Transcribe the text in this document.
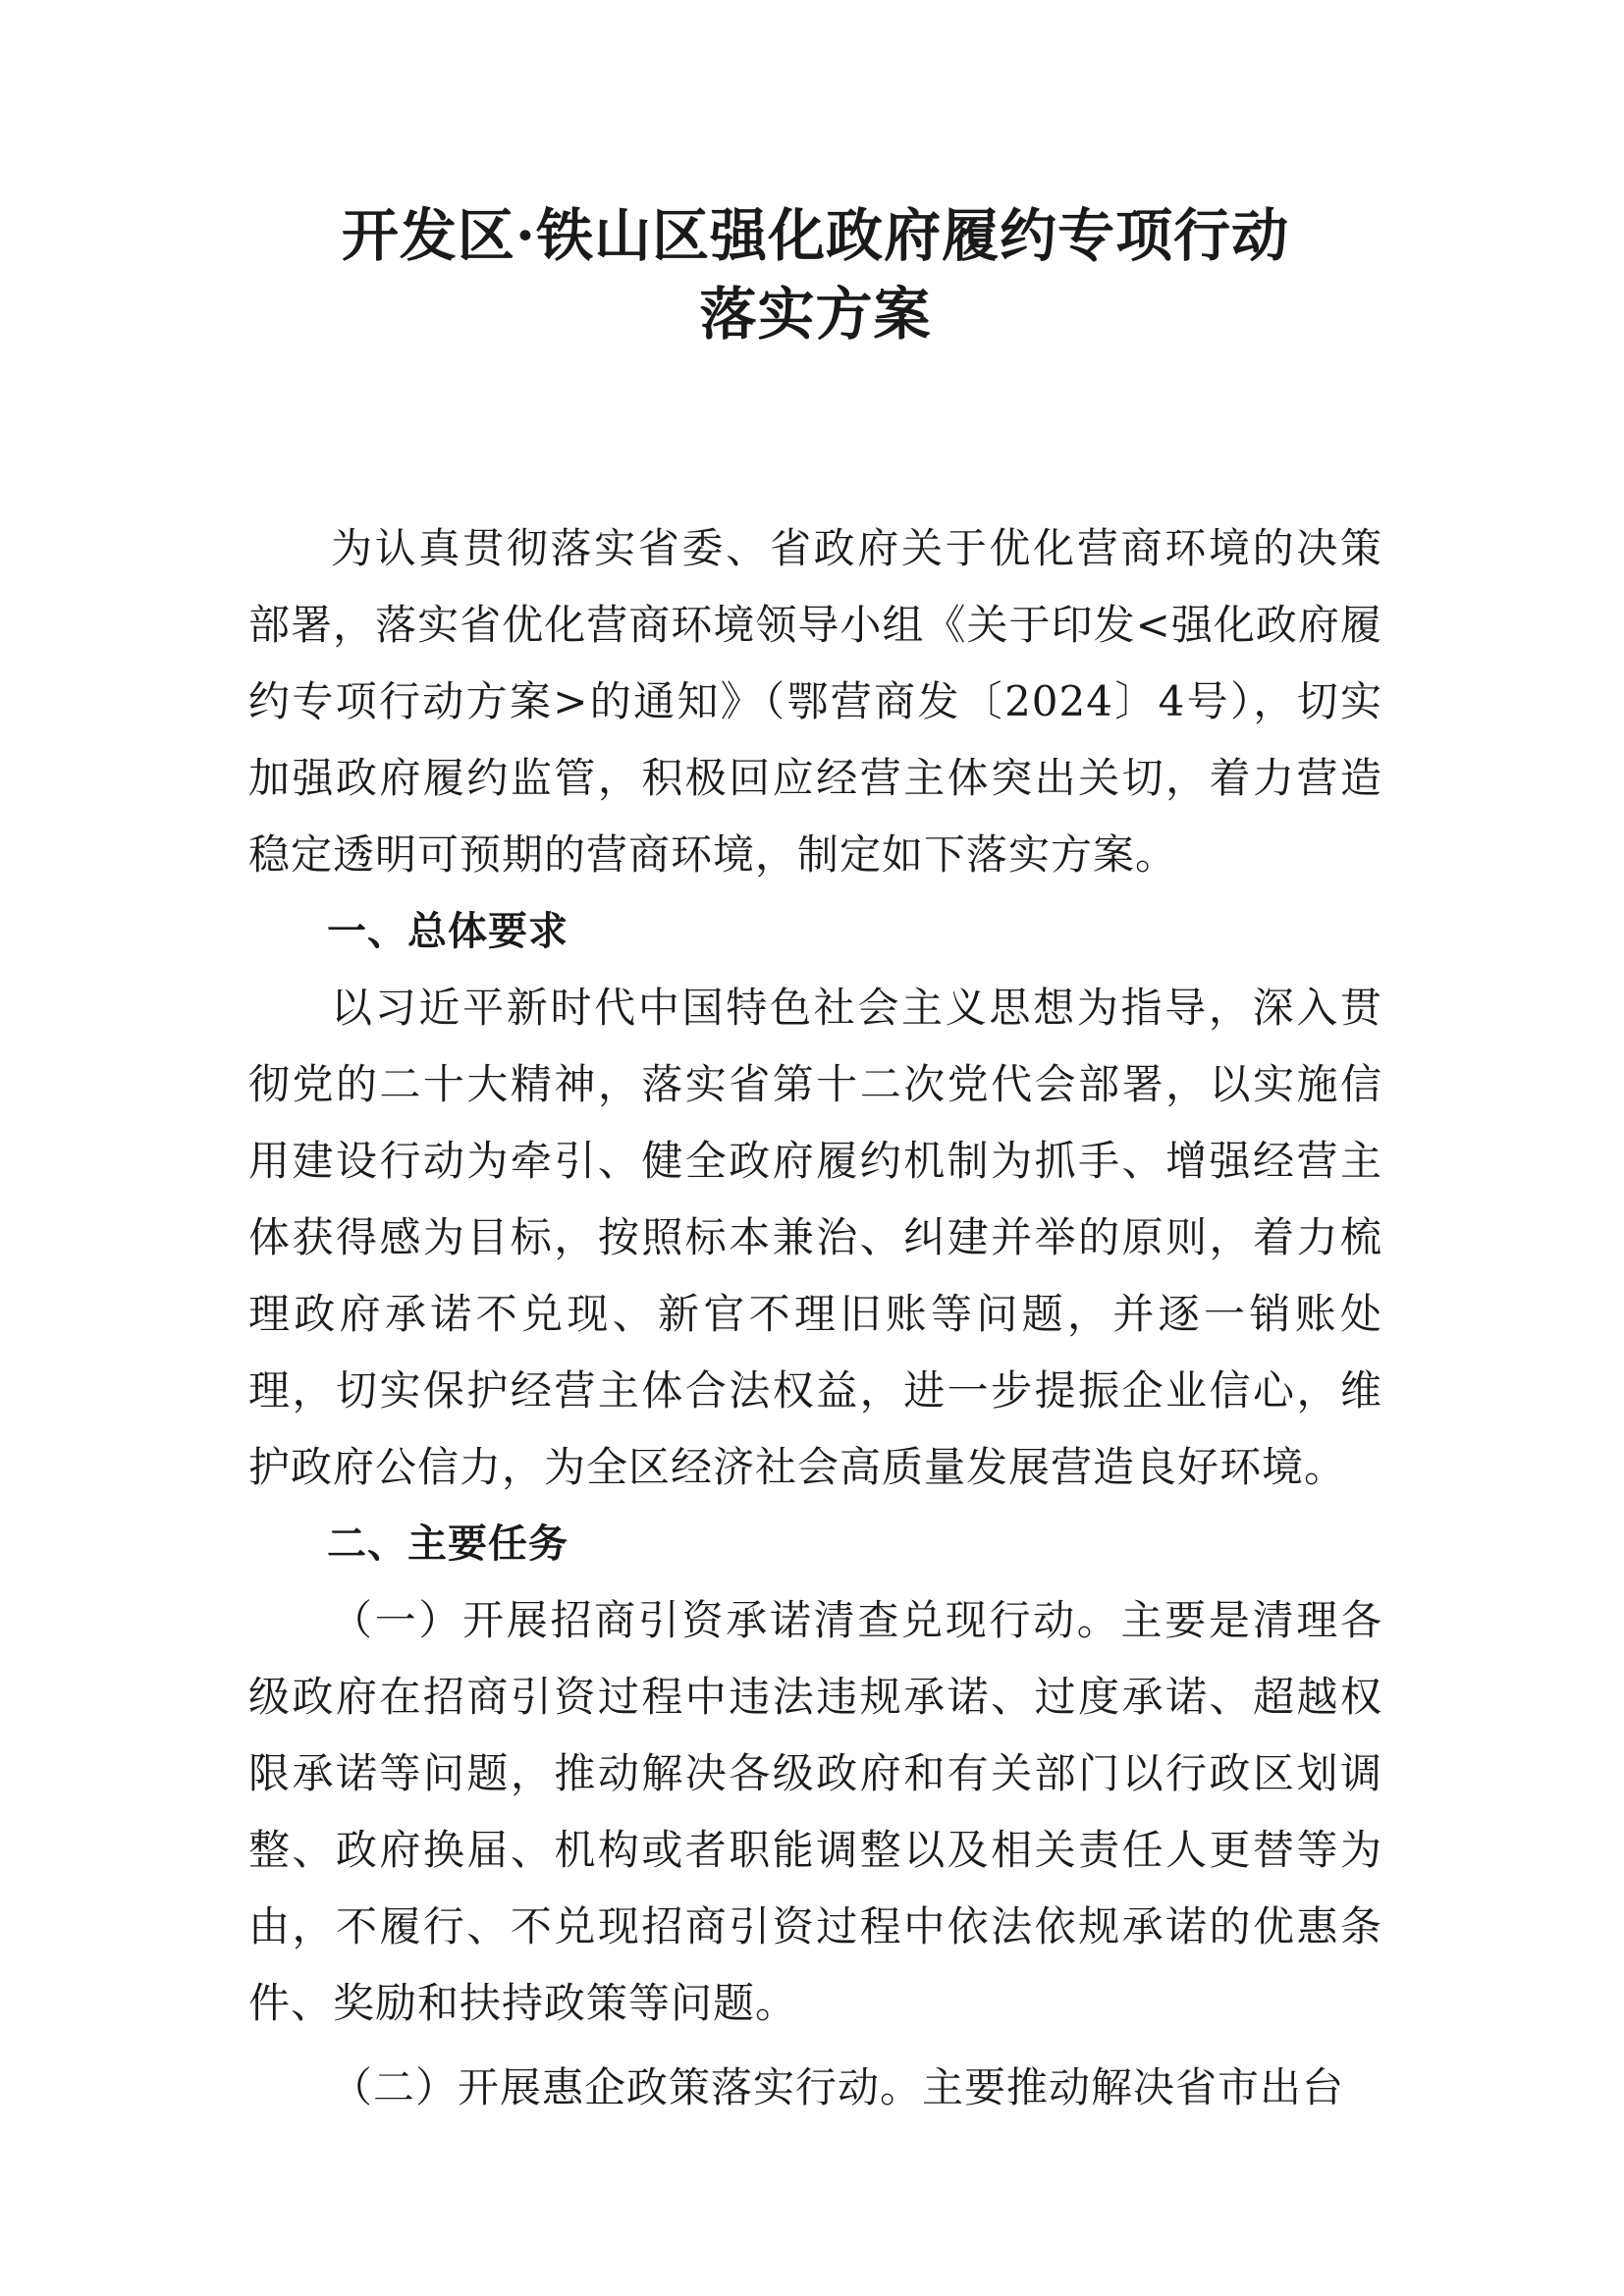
开发区·铁山区强化政府履约专项行动
落实方案

为认真贯彻落实省委、省政府关于优化营商环境的决策部署，落实省优化营商环境领导小组《关于印发<强化政府履约专项行动方案>的通知》（鄂营商发〔2024〕4号），切实加强政府履约监管，积极回应经营主体突出关切，着力营造稳定透明可预期的营商环境，制定如下落实方案。

一、总体要求

以习近平新时代中国特色社会主义思想为指导，深入贯彻党的二十大精神，落实省第十二次党代会部署，以实施信用建设行动为牵引、健全政府履约机制为抓手、增强经营主体获得感为目标，按照标本兼治、纠建并举的原则，着力梳理政府承诺不兑现、新官不理旧账等问题，并逐一销账处理，切实保护经营主体合法权益，进一步提振企业信心，维护政府公信力，为全区经济社会高质量发展营造良好环境。

二、主要任务

（一）开展招商引资承诺清查兑现行动。主要是清理各级政府在招商引资过程中违法违规承诺、过度承诺、超越权限承诺等问题，推动解决各级政府和有关部门以行政区划调整、政府换届、机构或者职能调整以及相关责任人更替等为由，不履行、不兑现招商引资过程中依法依规承诺的优惠条件、奖励和扶持政策等问题。

（二）开展惠企政策落实行动。主要推动解决省市出台
